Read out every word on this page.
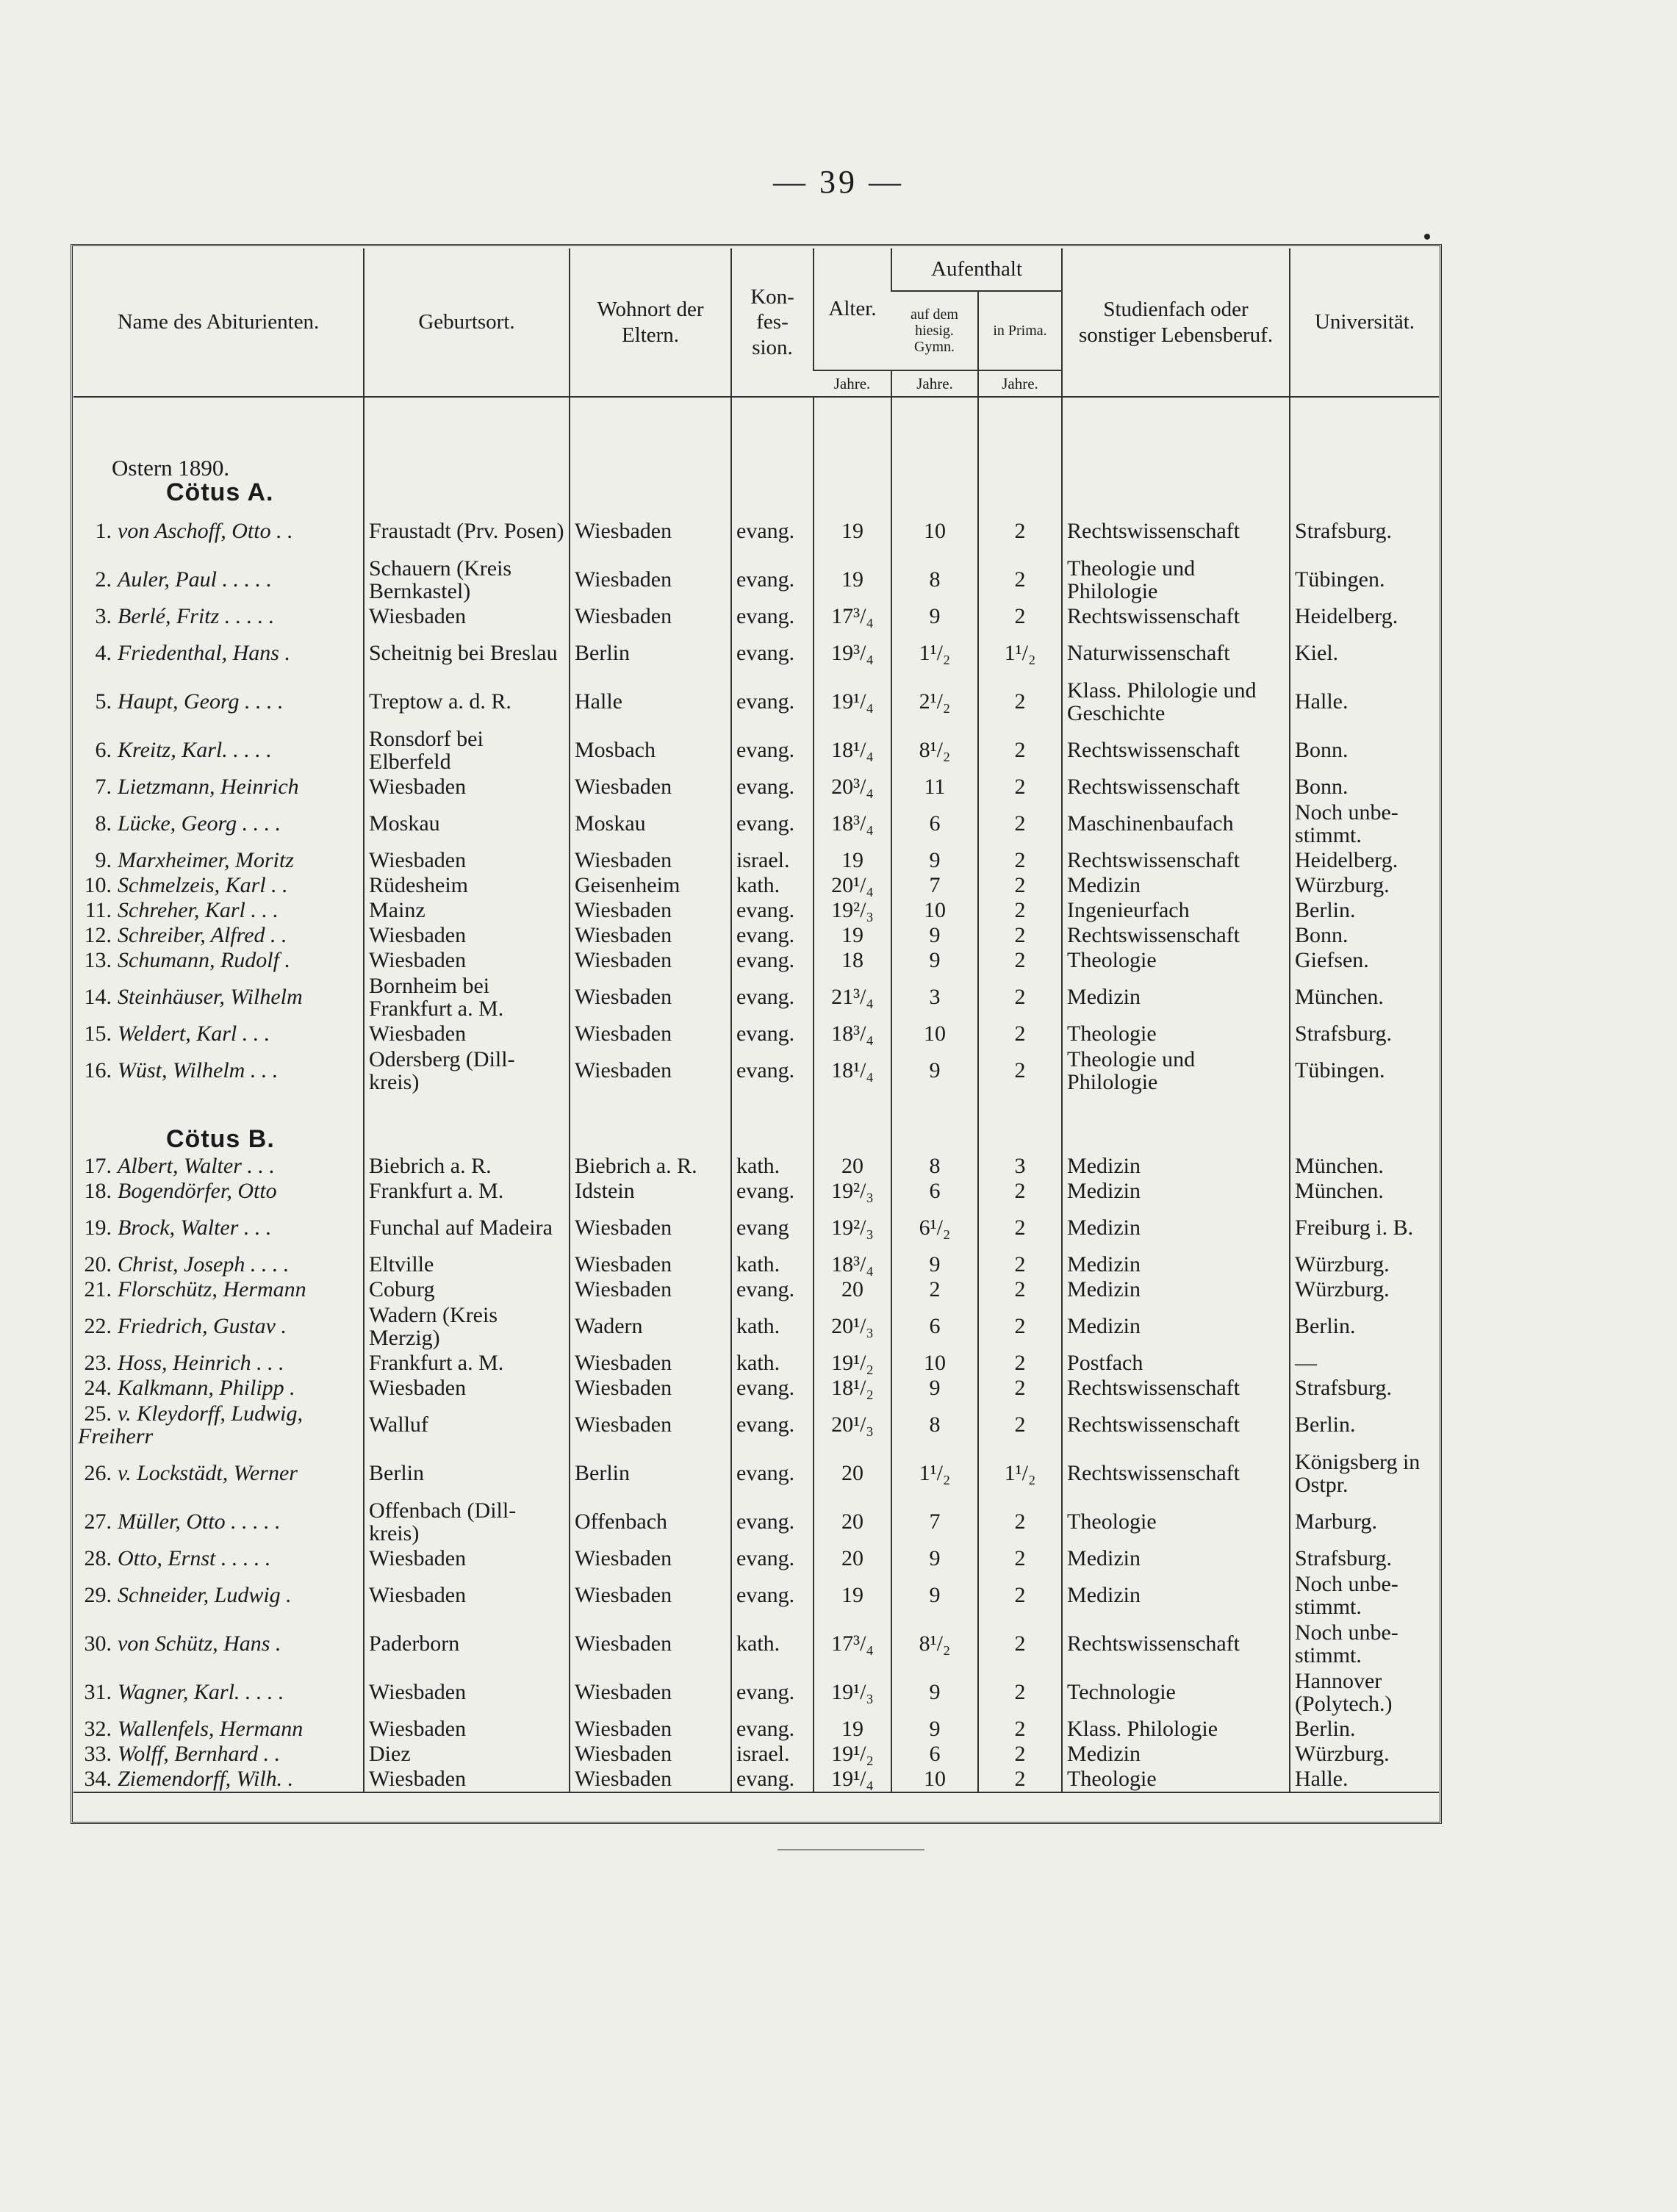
— 39 —
Name des Abiturienten.	Geburtsort.	Wohnort der Eltern.	Kon- fes- sion.	Alter.	Aufenthalt		Studienfach oder sonstiger Lebensberuf.	Universität.
					auf dem hiesig. Gymn.	in Prima.		
				Jahre.	Jahre.	Jahre.		

Ostern 1890.
Cötus A.								

1. von Aschoff, Otto . .	Fraustadt (Prv. Posen)	Wiesbaden	evang.	19	10	2	Rechtswissenschaft	Strafsburg.
2. Auler, Paul . . . . .	Schauern (Kreis Bernkastel)	Wiesbaden	evang.	19	8	2	Theologie und Philologie	Tübingen.
3. Berlé, Fritz . . . . .	Wiesbaden	Wiesbaden	evang.	17³/₄	9	2	Rechtswissenschaft	Heidelberg.
4. Friedenthal, Hans .	Scheitnig bei Breslau	Berlin	evang.	19³/₄	1¹/₂	1¹/₂	Naturwissenschaft	Kiel.
5. Haupt, Georg . . . .	Treptow a. d. R.	Halle	evang.	19¹/₄	2¹/₂	2	Klass. Philologie und Geschichte	Halle.
6. Kreitz, Karl. . . . .	Ronsdorf bei Elberfeld	Mosbach	evang.	18¹/₄	8¹/₂	2	Rechtswissenschaft	Bonn.
7. Lietzmann, Heinrich	Wiesbaden	Wiesbaden	evang.	20³/₄	11	2	Rechtswissenschaft	Bonn.
8. Lücke, Georg . . . .	Moskau	Moskau	evang.	18³/₄	6	2	Maschinenbaufach	Noch unbe- stimmt.
9. Marxheimer, Moritz	Wiesbaden	Wiesbaden	israel.	19	9	2	Rechtswissenschaft	Heidelberg.
10. Schmelzeis, Karl . .	Rüdesheim	Geisenheim	kath.	20¹/₄	7	2	Medizin	Würzburg.
11. Schreher, Karl . . .	Mainz	Wiesbaden	evang.	19²/₃	10	2	Ingenieurfach	Berlin.
12. Schreiber, Alfred . .	Wiesbaden	Wiesbaden	evang.	19	9	2	Rechtswissenschaft	Bonn.
13. Schumann, Rudolf .	Wiesbaden	Wiesbaden	evang.	18	9	2	Theologie	Giefsen.
14. Steinhäuser, Wilhelm	Bornheim bei Frankfurt a. M.	Wiesbaden	evang.	21³/₄	3	2	Medizin	München.
15. Weldert, Karl . . .	Wiesbaden	Wiesbaden	evang.	18³/₄	10	2	Theologie	Strafsburg.
16. Wüst, Wilhelm . . .	Odersberg (Dill- kreis)	Wiesbaden	evang.	18¹/₄	9	2	Theologie und Philologie	Tübingen.

Cötus B.								

17. Albert, Walter . . .	Biebrich a. R.	Biebrich a. R.	kath.	20	8	3	Medizin	München.
18. Bogendörfer, Otto	Frankfurt a. M.	Idstein	evang.	19²/₃	6	2	Medizin	München.
19. Brock, Walter . . .	Funchal auf Madeira	Wiesbaden	evang	19²/₃	6¹/₂	2	Medizin	Freiburg i. B.
20. Christ, Joseph . . . .	Eltville	Wiesbaden	kath.	18³/₄	9	2	Medizin	Würzburg.
21. Florschütz, Hermann	Coburg	Wiesbaden	evang.	20	2	2	Medizin	Würzburg.
22. Friedrich, Gustav .	Wadern (Kreis Merzig)	Wadern	kath.	20¹/₃	6	2	Medizin	Berlin.
23. Hoss, Heinrich . . .	Frankfurt a. M.	Wiesbaden	kath.	19¹/₂	10	2	Postfach	—
24. Kalkmann, Philipp .	Wiesbaden	Wiesbaden	evang.	18¹/₂	9	2	Rechtswissenschaft	Strafsburg.
25. v. Kleydorff, Ludwig, Freiherr	Walluf	Wiesbaden	evang.	20¹/₃	8	2	Rechtswissenschaft	Berlin.
26. v. Lockstädt, Werner	Berlin	Berlin	evang.	20	1¹/₂	1¹/₂	Rechtswissenschaft	Königsberg in Ostpr.
27. Müller, Otto . . . . .	Offenbach (Dill- kreis)	Offenbach	evang.	20	7	2	Theologie	Marburg.
28. Otto, Ernst . . . . .	Wiesbaden	Wiesbaden	evang.	20	9	2	Medizin	Strafsburg.
29. Schneider, Ludwig .	Wiesbaden	Wiesbaden	evang.	19	9	2	Medizin	Noch unbe- stimmt.
30. von Schütz, Hans .	Paderborn	Wiesbaden	kath.	17³/₄	8¹/₂	2	Rechtswissenschaft	Noch unbe- stimmt.
31. Wagner, Karl. . . . .	Wiesbaden	Wiesbaden	evang.	19¹/₃	9	2	Technologie	Hannover (Polytech.)
32. Wallenfels, Hermann	Wiesbaden	Wiesbaden	evang.	19	9	2	Klass. Philologie	Berlin.
33. Wolff, Bernhard . .	Diez	Wiesbaden	israel.	19¹/₂	6	2	Medizin	Würzburg.
34. Ziemendorff, Wilh. .	Wiesbaden	Wiesbaden	evang.	19¹/₄	10	2	Theologie	Halle.
